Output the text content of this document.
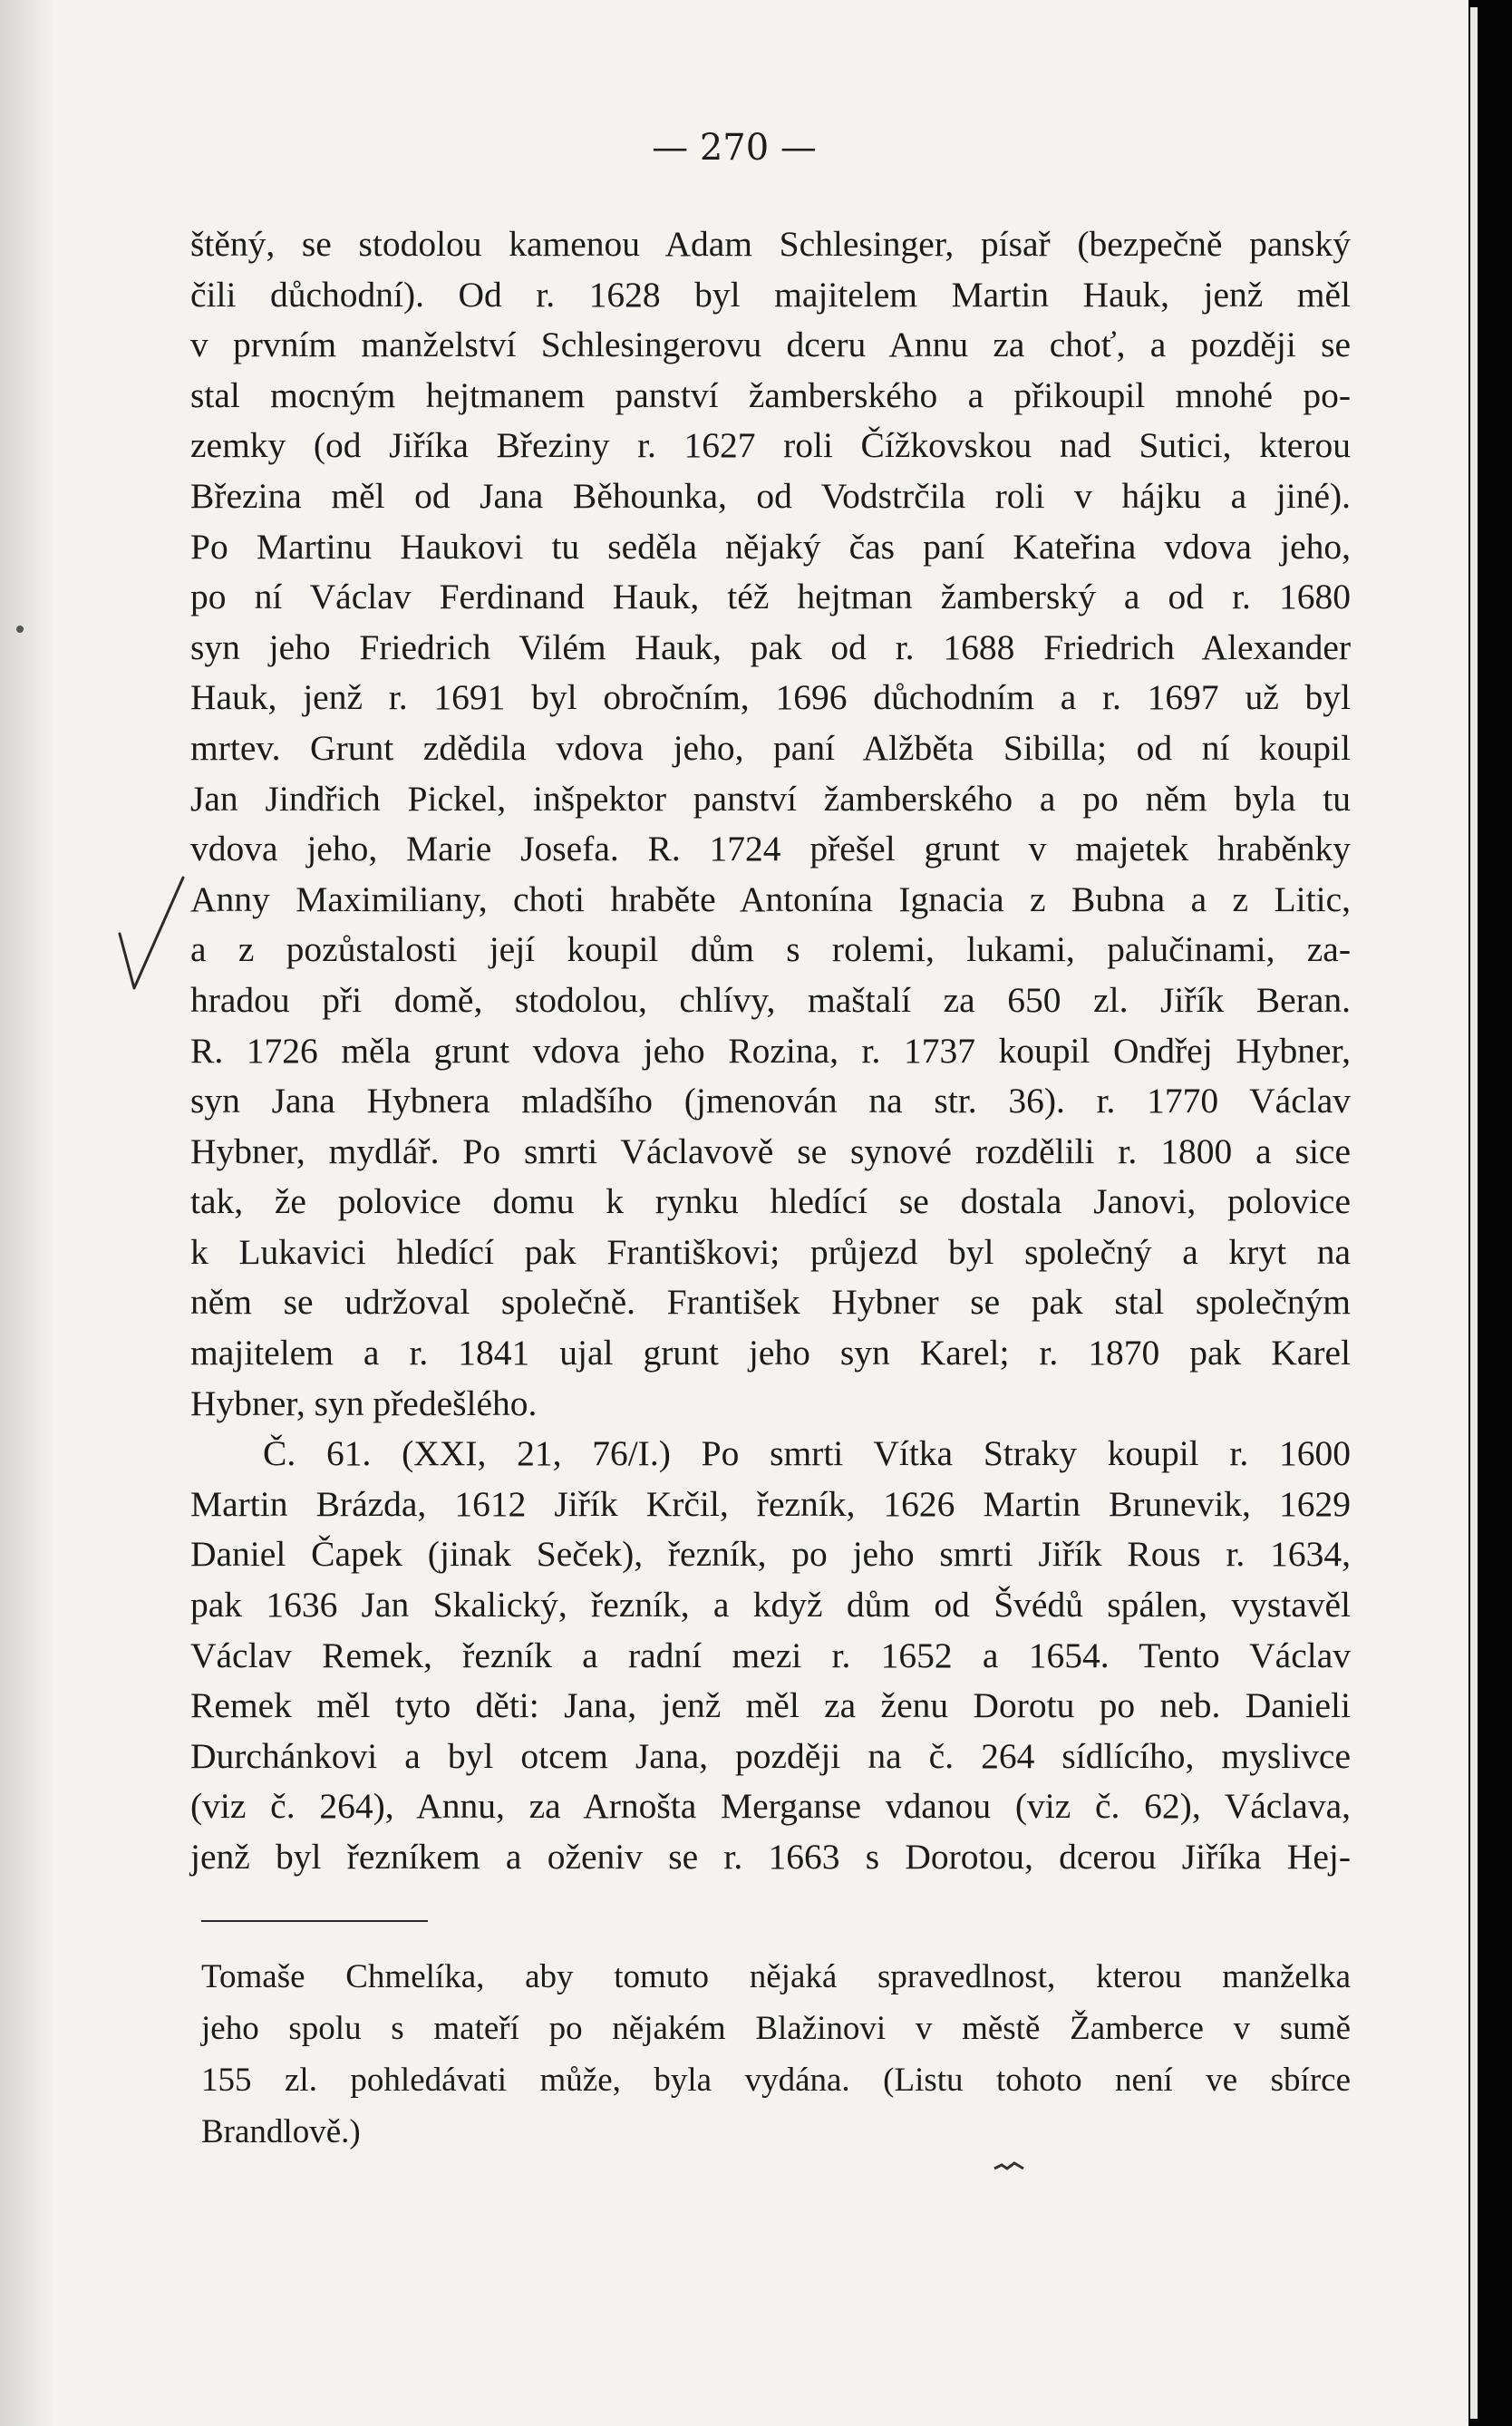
— 270 —
štěný, se stodolou kamenou Adam Schlesinger, písař (bezpečně panský
čili důchodní). Od r. 1628 byl majitelem Martin Hauk, jenž měl
v prvním manželství Schlesingerovu dceru Annu za choť, a později se
stal mocným hejtmanem panství žamberského a přikoupil mnohé po-
zemky (od Jiříka Březiny r. 1627 roli Čížkovskou nad Sutici, kterou
Březina měl od Jana Běhounka, od Vodstrčila roli v hájku a jiné).
Po Martinu Haukovi tu seděla nějaký čas paní Kateřina vdova jeho,
po ní Václav Ferdinand Hauk, též hejtman žamberský a od r. 1680
syn jeho Friedrich Vilém Hauk, pak od r. 1688 Friedrich Alexander
Hauk, jenž r. 1691 byl obročním, 1696 důchodním a r. 1697 už byl
mrtev. Grunt zdědila vdova jeho, paní Alžběta Sibilla; od ní koupil
Jan Jindřich Pickel, inšpektor panství žamberského a po něm byla tu
vdova jeho, Marie Josefa. R. 1724 přešel grunt v majetek hraběnky
Anny Maximiliany, choti hraběte Antonína Ignacia z Bubna a z Litic,
a z pozůstalosti její koupil dům s rolemi, lukami, palučinami, za-
hradou při domě, stodolou, chlívy, maštalí za 650 zl. Jiřík Beran.
R. 1726 měla grunt vdova jeho Rozina, r. 1737 koupil Ondřej Hybner,
syn Jana Hybnera mladšího (jmenován na str. 36). r. 1770 Václav
Hybner, mydlář. Po smrti Václavově se synové rozdělili r. 1800 a sice
tak, že polovice domu k rynku hledící se dostala Janovi, polovice
k Lukavici hledící pak Františkovi; průjezd byl společný a kryt na
něm se udržoval společně. František Hybner se pak stal společným
majitelem a r. 1841 ujal grunt jeho syn Karel; r. 1870 pak Karel
Hybner, syn předešlého.
Č. 61. (XXI, 21, 76/I.) Po smrti Vítka Straky koupil r. 1600
Martin Brázda, 1612 Jiřík Krčil, řezník, 1626 Martin Brunevik, 1629
Daniel Čapek (jinak Seček), řezník, po jeho smrti Jiřík Rous r. 1634,
pak 1636 Jan Skalický, řezník, a když dům od Švédů spálen, vystavěl
Václav Remek, řezník a radní mezi r. 1652 a 1654. Tento Václav
Remek měl tyto děti: Jana, jenž měl za ženu Dorotu po neb. Danieli
Durchánkovi a byl otcem Jana, později na č. 264 sídlícího, myslivce
(viz č. 264), Annu, za Arnošta Merganse vdanou (viz č. 62), Václava,
jenž byl řezníkem a oženiv se r. 1663 s Dorotou, dcerou Jiříka Hej-
Tomaše Chmelíka, aby tomuto nějaká spravedlnost, kterou manželka
jeho spolu s mateří po nějakém Blažinovi v městě Žamberce v sumě
155 zl. pohledávati může, byla vydána. (Listu tohoto není ve sbírce
Brandlově.)
